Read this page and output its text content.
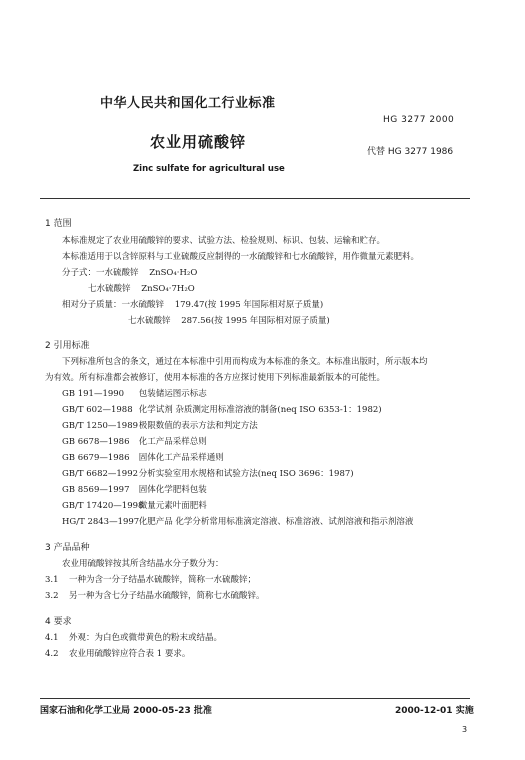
中华人民共和国化工行业标准
HG 3277 2000
农业用硫酸锌
代替 HG 3277 1986
Zinc sulfate for agricultural use
1 范围
本标准规定了农业用硫酸锌的要求、试验方法、检验规则、标识、包装、运输和贮存。
本标准适用于以含锌原料与工业硫酸反应制得的一水硫酸锌和七水硫酸锌，用作微量元素肥料。
分子式：一水硫酸锌 ZnSO₄·H₂O
七水硫酸锌 ZnSO₄·7H₂O
相对分子质量：一水硫酸锌 179.47(按 1995 年国际相对原子质量)
七水硫酸锌 287.56(按 1995 年国际相对原子质量)
2 引用标准
下列标准所包含的条文，通过在本标准中引用而构成为本标准的条文。本标准出版时，所示版本均
为有效。所有标准都会被修订，使用本标准的各方应探讨使用下列标准最新版本的可能性。
GB 191—1990 包装储运图示标志
GB/T 602—1988 化学试剂 杂质测定用标准溶液的制备(neq ISO 6353-1：1982)
GB/T 1250—1989 极限数值的表示方法和判定方法
GB 6678—1986 化工产品采样总则
GB 6679—1986 固体化工产品采样通则
GB/T 6682—1992 分析实验室用水规格和试验方法(neq ISO 3696：1987)
GB 8569—1997 固体化学肥料包装
GB/T 17420—1998 微量元素叶面肥料
HG/T 2843—1997 化肥产品 化学分析常用标准滴定溶液、标准溶液、试剂溶液和指示剂溶液
3 产品品种
农业用硫酸锌按其所含结晶水分子数分为：
3.1 一种为含一分子结晶水硫酸锌，简称一水硫酸锌；
3.2 另一种为含七分子结晶水硫酸锌，简称七水硫酸锌。
4 要求
4.1 外观：为白色或微带黄色的粉末或结晶。
4.2 农业用硫酸锌应符合表 1 要求。
国家石油和化学工业局 2000-05-23 批准	2000-12-01 实施
3
